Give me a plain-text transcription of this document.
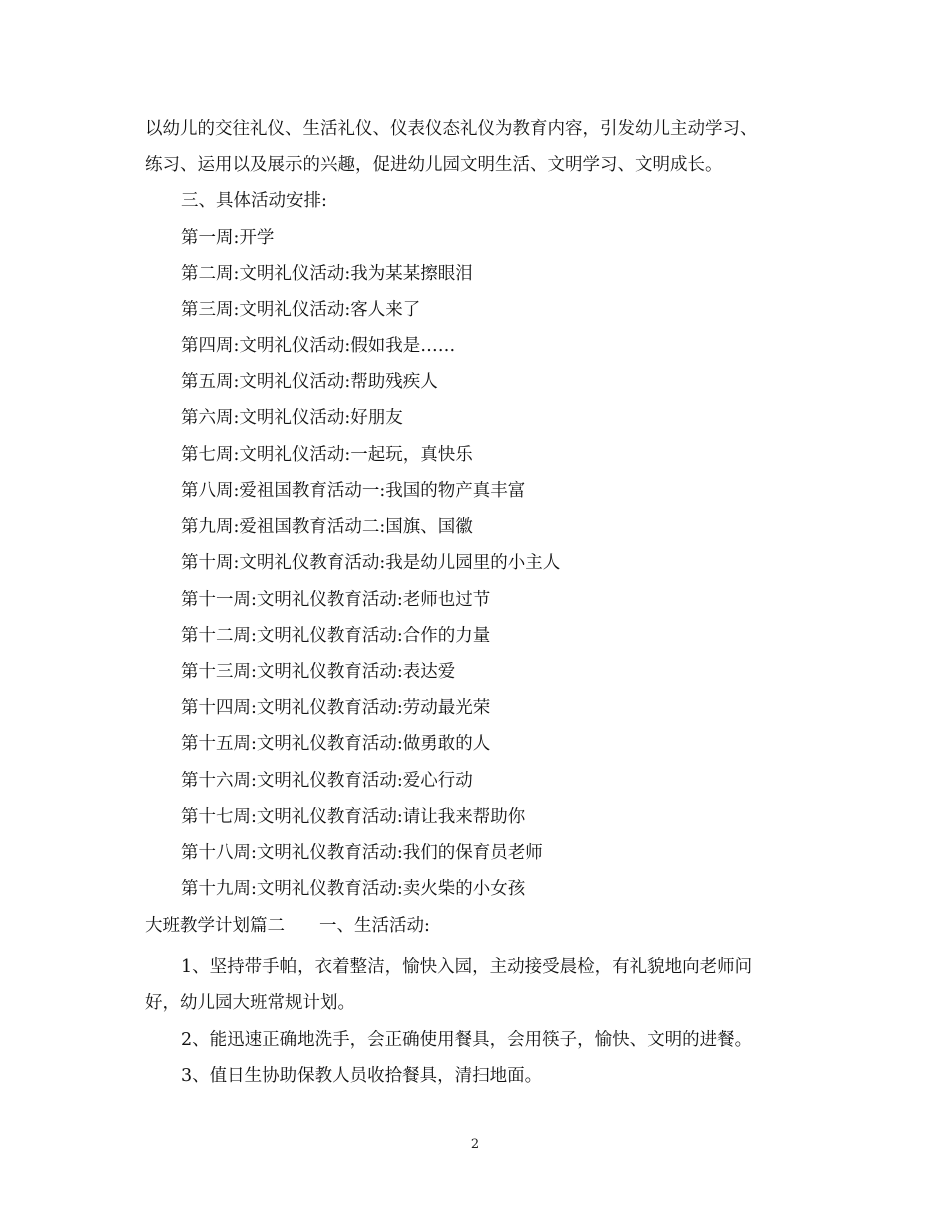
以幼儿的交往礼仪、生活礼仪、仪表仪态礼仪为教育内容，引发幼儿主动学习、
练习、运用以及展示的兴趣，促进幼儿园文明生活、文明学习、文明成长。
三、具体活动安排:
第一周:开学
第二周:文明礼仪活动:我为某某擦眼泪
第三周:文明礼仪活动:客人来了
第四周:文明礼仪活动:假如我是……
第五周:文明礼仪活动:帮助残疾人
第六周:文明礼仪活动:好朋友
第七周:文明礼仪活动:一起玩，真快乐
第八周:爱祖国教育活动一:我国的物产真丰富
第九周:爱祖国教育活动二:国旗、国徽
第十周:文明礼仪教育活动:我是幼儿园里的小主人
第十一周:文明礼仪教育活动:老师也过节
第十二周:文明礼仪教育活动:合作的力量
第十三周:文明礼仪教育活动:表达爱
第十四周:文明礼仪教育活动:劳动最光荣
第十五周:文明礼仪教育活动:做勇敢的人
第十六周:文明礼仪教育活动:爱心行动
第十七周:文明礼仪教育活动:请让我来帮助你
第十八周:文明礼仪教育活动:我们的保育员老师
第十九周:文明礼仪教育活动:卖火柴的小女孩
大班教学计划篇二 一、生活活动:
1、坚持带手帕，衣着整洁，愉快入园，主动接受晨检，有礼貌地向老师问
好，幼儿园大班常规计划。
2、能迅速正确地洗手，会正确使用餐具，会用筷子，愉快、文明的进餐。
3、值日生协助保教人员收拾餐具，清扫地面。
2
